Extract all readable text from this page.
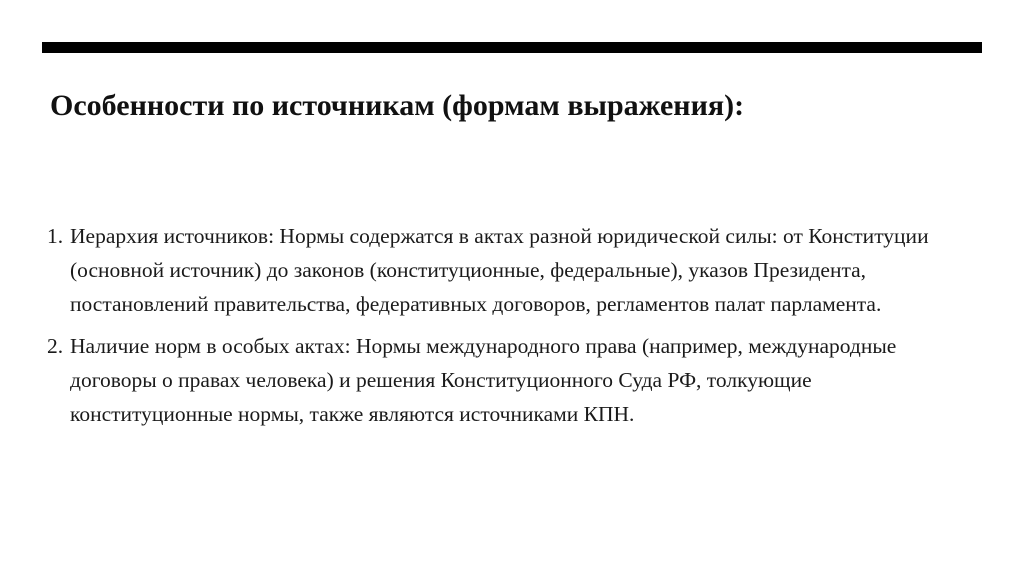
Особенности по источникам (формам выражения):
1. Иерархия источников: Нормы содержатся в актах разной юридической силы: от Конституции (основной источник) до законов (конституционные, федеральные), указов Президента, постановлений правительства, федеративных договоров, регламентов палат парламента.
2. Наличие норм в особых актах: Нормы международного права (например, международные договоры о правах человека) и решения Конституционного Суда РФ, толкующие конституционные нормы, также являются источниками КПН.
